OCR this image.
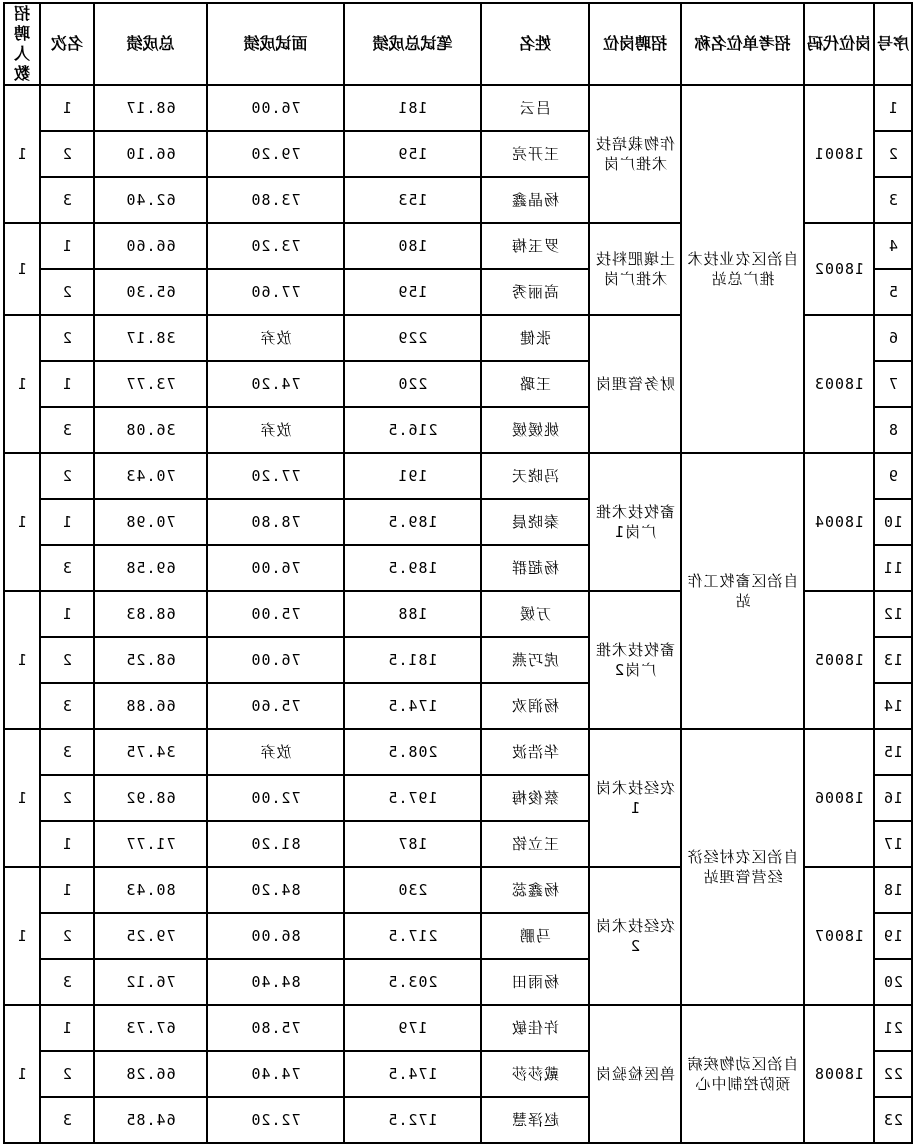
序号	岗位代码	招考单位名称	招聘岗位	姓名	笔试总成绩	面试成绩	总成绩	名次	招聘人数
1	18001	自治区农业技术推广总站	作物栽培技术推广岗	吕云	181	76.00	68.17	1	1
2				王开亮	159	79.20	66.10	2	
3				杨晶鑫	153	73.80	62.40	3	
4	18002		土壤肥料技术推广岗	罗玉梅	180	73.20	66.60	1	1
5				高丽秀	159	77.60	65.30	2	
6	18003		财务管理岗	张健	229	放弃	38.17	2	1
7				王璐	220	74.20	73.77	1	
8				姚媛媛	216.5	放弃	36.08	3	
9	18004	自治区畜牧工作站	畜牧技术推广岗1	冯晓天	191	77.20	70.43	2	1
10				秦晓晨	189.5	78.80	70.98	1	
11				杨超群	189.5	76.00	69.58	3	
12	18005		畜牧技术推广岗2	万媛	188	75.00	68.83	1	1
13				虎巧燕	181.5	76.00	68.25	2	
14				杨润欢	174.5	75.60	66.88	3	
15	18006	自治区农村经济经营管理站	农经技术岗1	华浩波	208.5	放弃	34.75	3	1
16				蔡俊梅	197.5	72.00	68.92	2	
17				王立铭	187	81.20	71.77	1	
18	18007		农经技术岗2	杨鑫蕊	230	84.20	80.43	1	1
19				马鹏	217.5	86.00	79.25	2	
20				杨雨田	203.5	84.40	76.12	3	
21	18008	自治区动物疾病预防控制中心	兽医检验岗	许佳敏	179	75.80	67.73	1	1
22				戴莎莎	174.5	74.40	66.28	2	
23				赵泽慧	172.5	72.20	64.85	3	
